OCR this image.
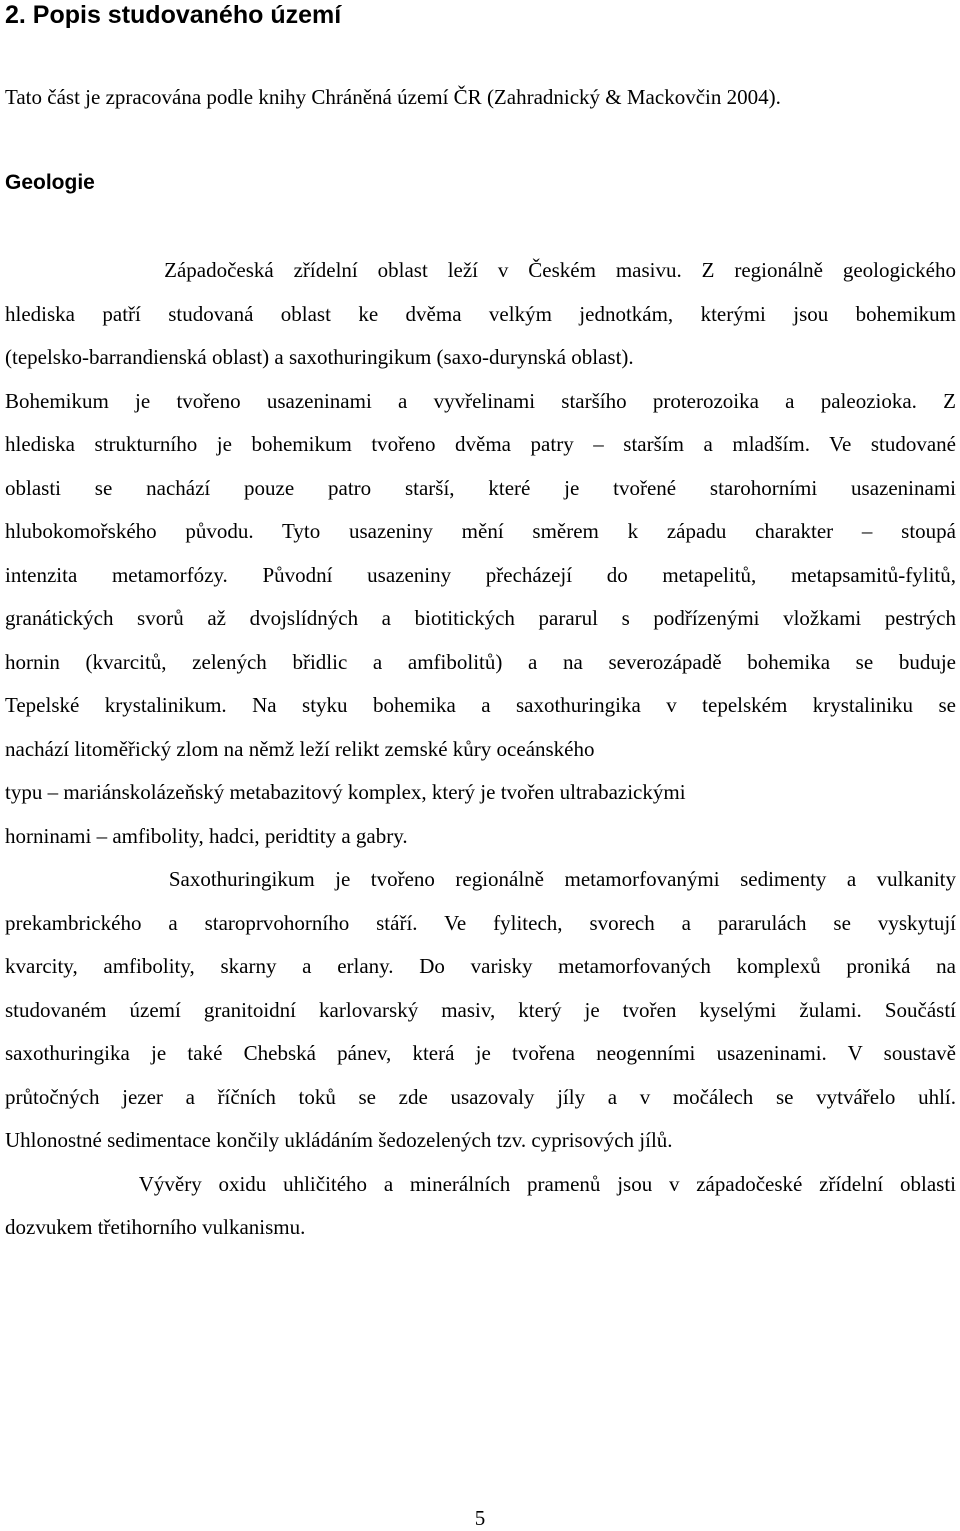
2. Popis studovaného území
Tato část je zpracována podle knihy Chráněná území ČR (Zahradnický & Mackovčin 2004).
Geologie
Západočeská zřídelní oblast leží v Českém masivu. Z regionálně geologického
hlediska patří studovaná oblast ke dvěma velkým jednotkám, kterými jsou bohemikum
(tepelsko-barrandienská oblast) a saxothuringikum (saxo-durynská oblast).
Bohemikum je tvořeno usazeninami a vyvřelinami staršího proterozoika a paleozioka. Z
hlediska strukturního je bohemikum tvořeno dvěma patry – starším a mladším. Ve studované
oblasti se nachází pouze patro starší, které je tvořené starohorními usazeninami
hlubokomořského původu. Tyto usazeniny mění směrem k západu charakter – stoupá
intenzita metamorfózy. Původní usazeniny přecházejí do metapelitů, metapsamitů-fylitů,
granátických svorů až dvojslídných a biotitických pararul s podřízenými vložkami pestrých
hornin (kvarcitů, zelených břidlic a amfibolitů) a na severozápadě bohemika se buduje
Tepelské krystalinikum. Na styku bohemika a saxothuringika v tepelském krystaliniku se
nachází litoměřický zlom na němž leží relikt zemské kůry oceánského
typu – mariánskolázeňský metabazitový komplex, který je tvořen ultrabazickými
horninami – amfibolity, hadci, peridtity a gabry.
Saxothuringikum je tvořeno regionálně metamorfovanými sedimenty a vulkanity
prekambrického a staroprvohorního stáří. Ve fylitech, svorech a pararulách se vyskytují
kvarcity, amfibolity, skarny a erlany. Do varisky metamorfovaných komplexů proniká na
studovaném území granitoidní karlovarský masiv, který je tvořen kyselými žulami. Součástí
saxothuringika je také Chebská pánev, která je tvořena neogenními usazeninami. V soustavě
průtočných jezer a říčních toků se zde usazovaly jíly a v močálech se vytvářelo uhlí.
Uhlonostné sedimentace končily ukládáním šedozelených tzv. cyprisových jílů.
Vývěry oxidu uhličitého a minerálních pramenů jsou v západočeské zřídelní oblasti
dozvukem třetihorního vulkanismu.
5
